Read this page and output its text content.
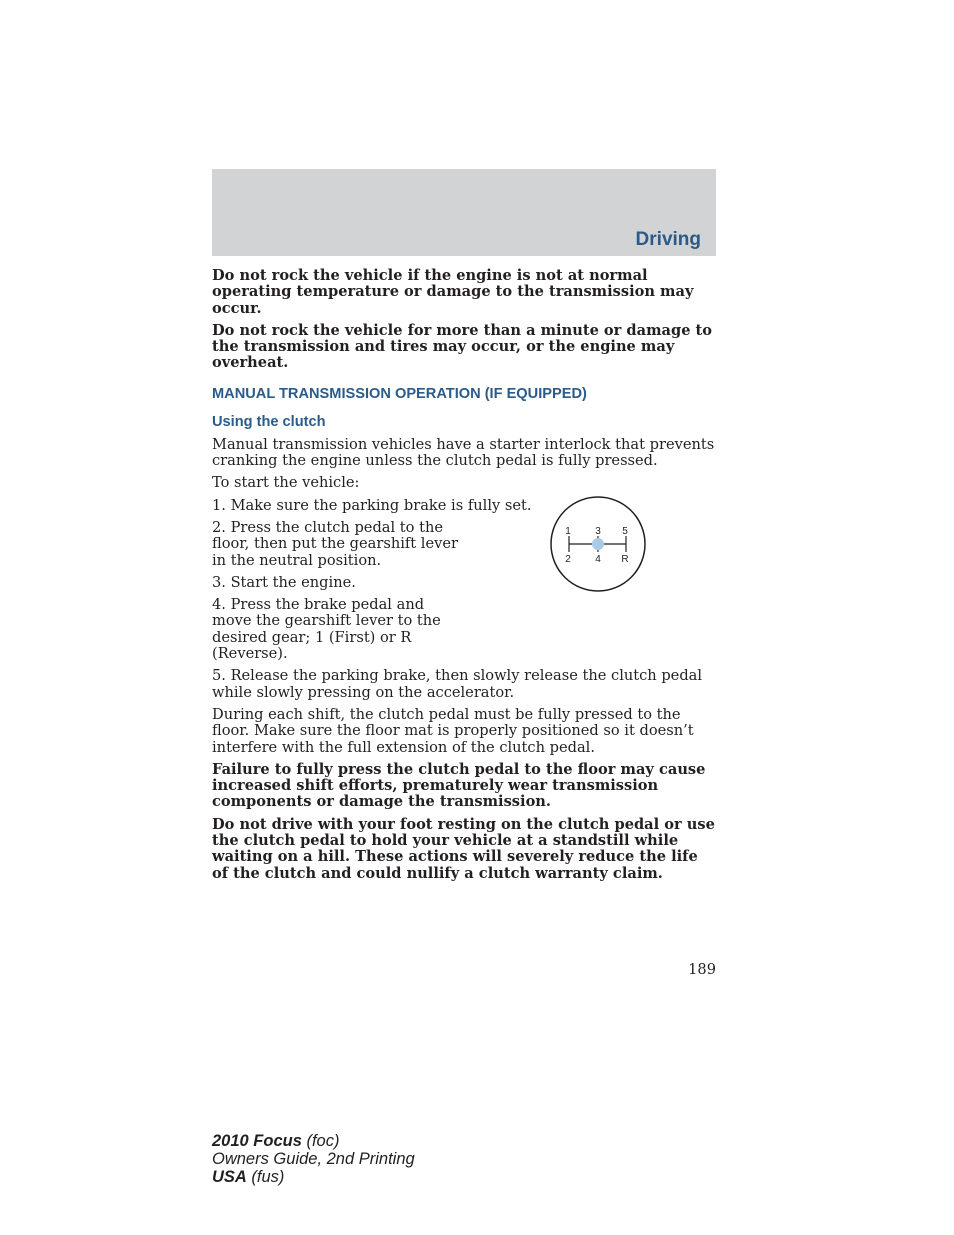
Driving

Do not rock the vehicle if the engine is not at normal operating temperature or damage to the transmission may occur.

Do not rock the vehicle for more than a minute or damage to the transmission and tires may occur, or the engine may overheat.

MANUAL TRANSMISSION OPERATION (IF EQUIPPED)
Using the clutch

Manual transmission vehicles have a starter interlock that prevents cranking the engine unless the clutch pedal is fully pressed.

To start the vehicle:

1. Make sure the parking brake is fully set.

2. Press the clutch pedal to the floor, then put the gearshift lever in the neutral position.

3. Start the engine.

4. Press the brake pedal and move the gearshift lever to the desired gear; 1 (First) or R (Reverse).

5. Release the parking brake, then slowly release the clutch pedal while slowly pressing on the accelerator.

During each shift, the clutch pedal must be fully pressed to the floor. Make sure the floor mat is properly positioned so it doesn’t interfere with the full extension of the clutch pedal.

Failure to fully press the clutch pedal to the floor may cause increased shift efforts, prematurely wear transmission components or damage the transmission.

Do not drive with your foot resting on the clutch pedal or use the clutch pedal to hold your vehicle at a standstill while waiting on a hill. These actions will severely reduce the life of the clutch and could nullify a clutch warranty claim.

1 3 5
2 4 R
189
2010 Focus (foc)
Owners Guide, 2nd Printing
USA (fus)
